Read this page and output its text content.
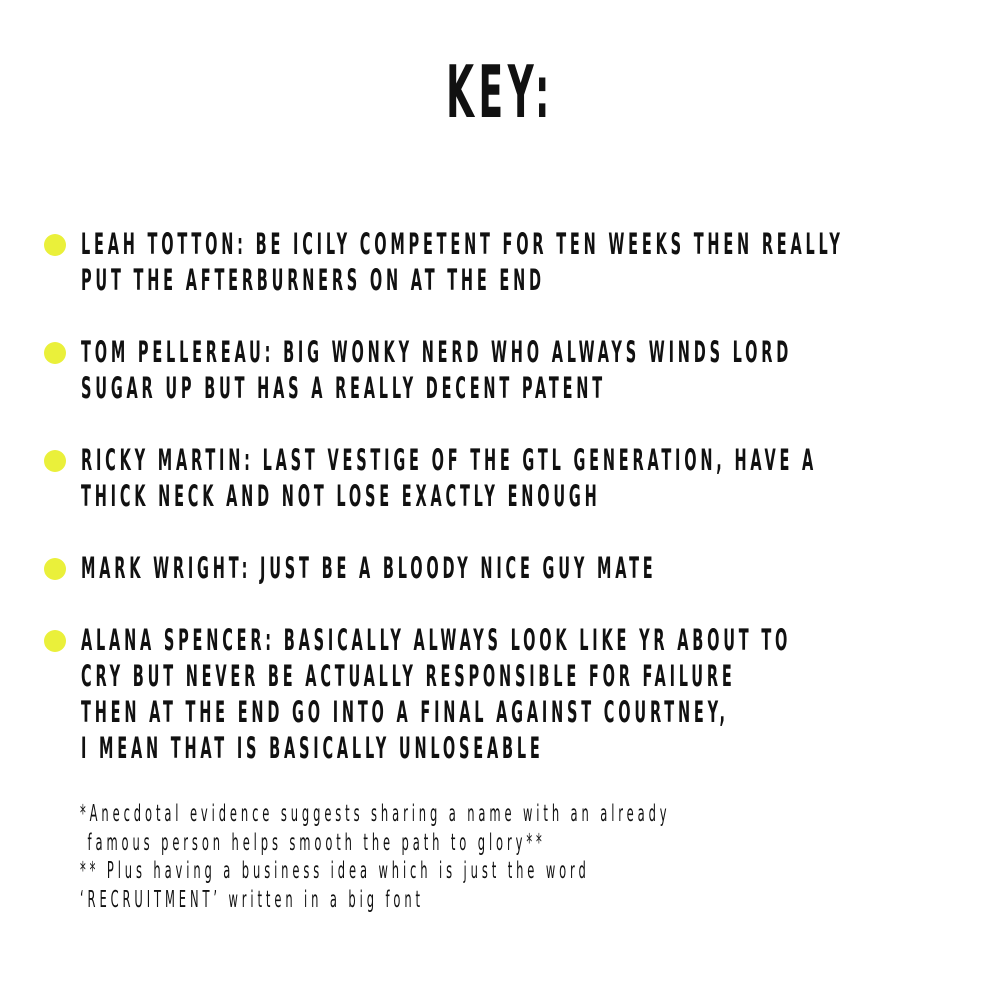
KEY:
LEAH TOTTON: BE ICILY COMPETENT FOR TEN WEEKS THEN REALLY
PUT THE AFTERBURNERS ON AT THE END
TOM PELLEREAU: BIG WONKY NERD WHO ALWAYS WINDS LORD
SUGAR UP BUT HAS A REALLY DECENT PATENT
RICKY MARTIN: LAST VESTIGE OF THE GTL GENERATION, HAVE A
THICK NECK AND NOT LOSE EXACTLY ENOUGH
MARK WRIGHT: JUST BE A BLOODY NICE GUY MATE
ALANA SPENCER: BASICALLY ALWAYS LOOK LIKE YR ABOUT TO
CRY BUT NEVER BE ACTUALLY RESPONSIBLE FOR FAILURE
THEN AT THE END GO INTO A FINAL AGAINST COURTNEY,
I MEAN THAT IS BASICALLY UNLOSEABLE
*Anecdotal evidence suggests sharing a name with an already
famous person helps smooth the path to glory**
** Plus having a business idea which is just the word
‘RECRUITMENT’ written in a big font
